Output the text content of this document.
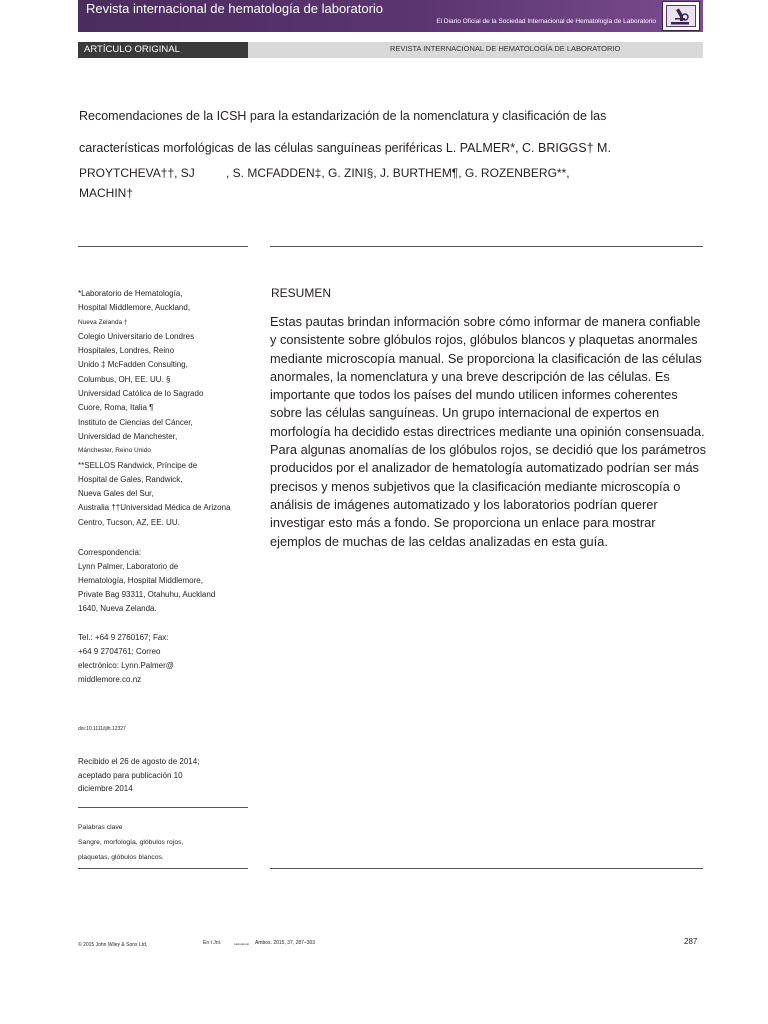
Revista internacional de hematología de laboratorio
El Diario Oficial de la Sociedad Internacional de Hematología de Laboratorio
ARTÍCULO ORIGINAL	REVISTA INTERNACIONAL DE HEMATOLOGÍA DE LABORATORIO
Recomendaciones de la ICSH para la estandarización de la nomenclatura y clasificación de las
características morfológicas de las células sanguíneas periféricas L. PALMER*, C. BRIGGS† M.
PROYTCHEVA††, SJ	, S. MCFADDEN‡, G. ZINI§, J. BURTHEM¶, G. ROZENBERG**,
MACHIN†
*Laboratorio de Hematología,
Hospital Middlemore, Auckland,
Nueva Zelanda †
Colegio Universitario de Londres
Hospitales, Londres, Reino
Unido ‡ McFadden Consulting,
Columbus, OH, EE. UU. §
Universidad Católica de lo Sagrado
Cuore, Roma, Italia ¶
Instituto de Ciencias del Cáncer,
Universidad de Manchester,
Mánchester, Reino Unido
**SELLOS Randwick, Príncipe de
Hospital de Gales, Randwick,
Nueva Gales del Sur,
Australia ††Universidad Médica de Arizona
Centro, Tucson, AZ, EE. UU.
Correspondencia:
Lynn Palmer, Laboratorio de
Hematología, Hospital Middlemore,
Private Bag 93311, Otahuhu, Auckland
1640, Nueva Zelanda.
Tel.: +64 9 2760167; Fax:
+64 9 2704761; Correo
electrónico: Lynn.Palmer@
middlemore.co.nz
doi:10.1111/ijlh.12327
Recibido el 26 de agosto de 2014;
aceptado para publicación 10
diciembre 2014
Palabras clave
Sangre, morfología, glóbulos rojos,
plaquetas, glóbulos blancos.
RESUMEN
Estas pautas brindan información sobre cómo informar de manera confiable
y consistente sobre glóbulos rojos, glóbulos blancos y plaquetas anormales
mediante microscopía manual. Se proporciona la clasificación de las células
anormales, la nomenclatura y una breve descripción de las células. Es
importante que todos los países del mundo utilicen informes coherentes
sobre las células sanguíneas. Un grupo internacional de expertos en
morfología ha decidido estas directrices mediante una opinión consensuada.
Para algunas anomalías de los glóbulos rojos, se decidió que los parámetros
producidos por el analizador de hematología automatizado podrían ser más
precisos y menos subjetivos que la clasificación mediante microscopía o
análisis de imágenes automatizado y los laboratorios podrían querer
investigar esto más a fondo. Se proporciona un enlace para mostrar
ejemplos de muchas de las celdas analizadas en esta guía.
© 2015 John Wiley & Sons Ltd,	En t Jnl.	Laboratorio Ambos. 2015, 37, 287–303	287
